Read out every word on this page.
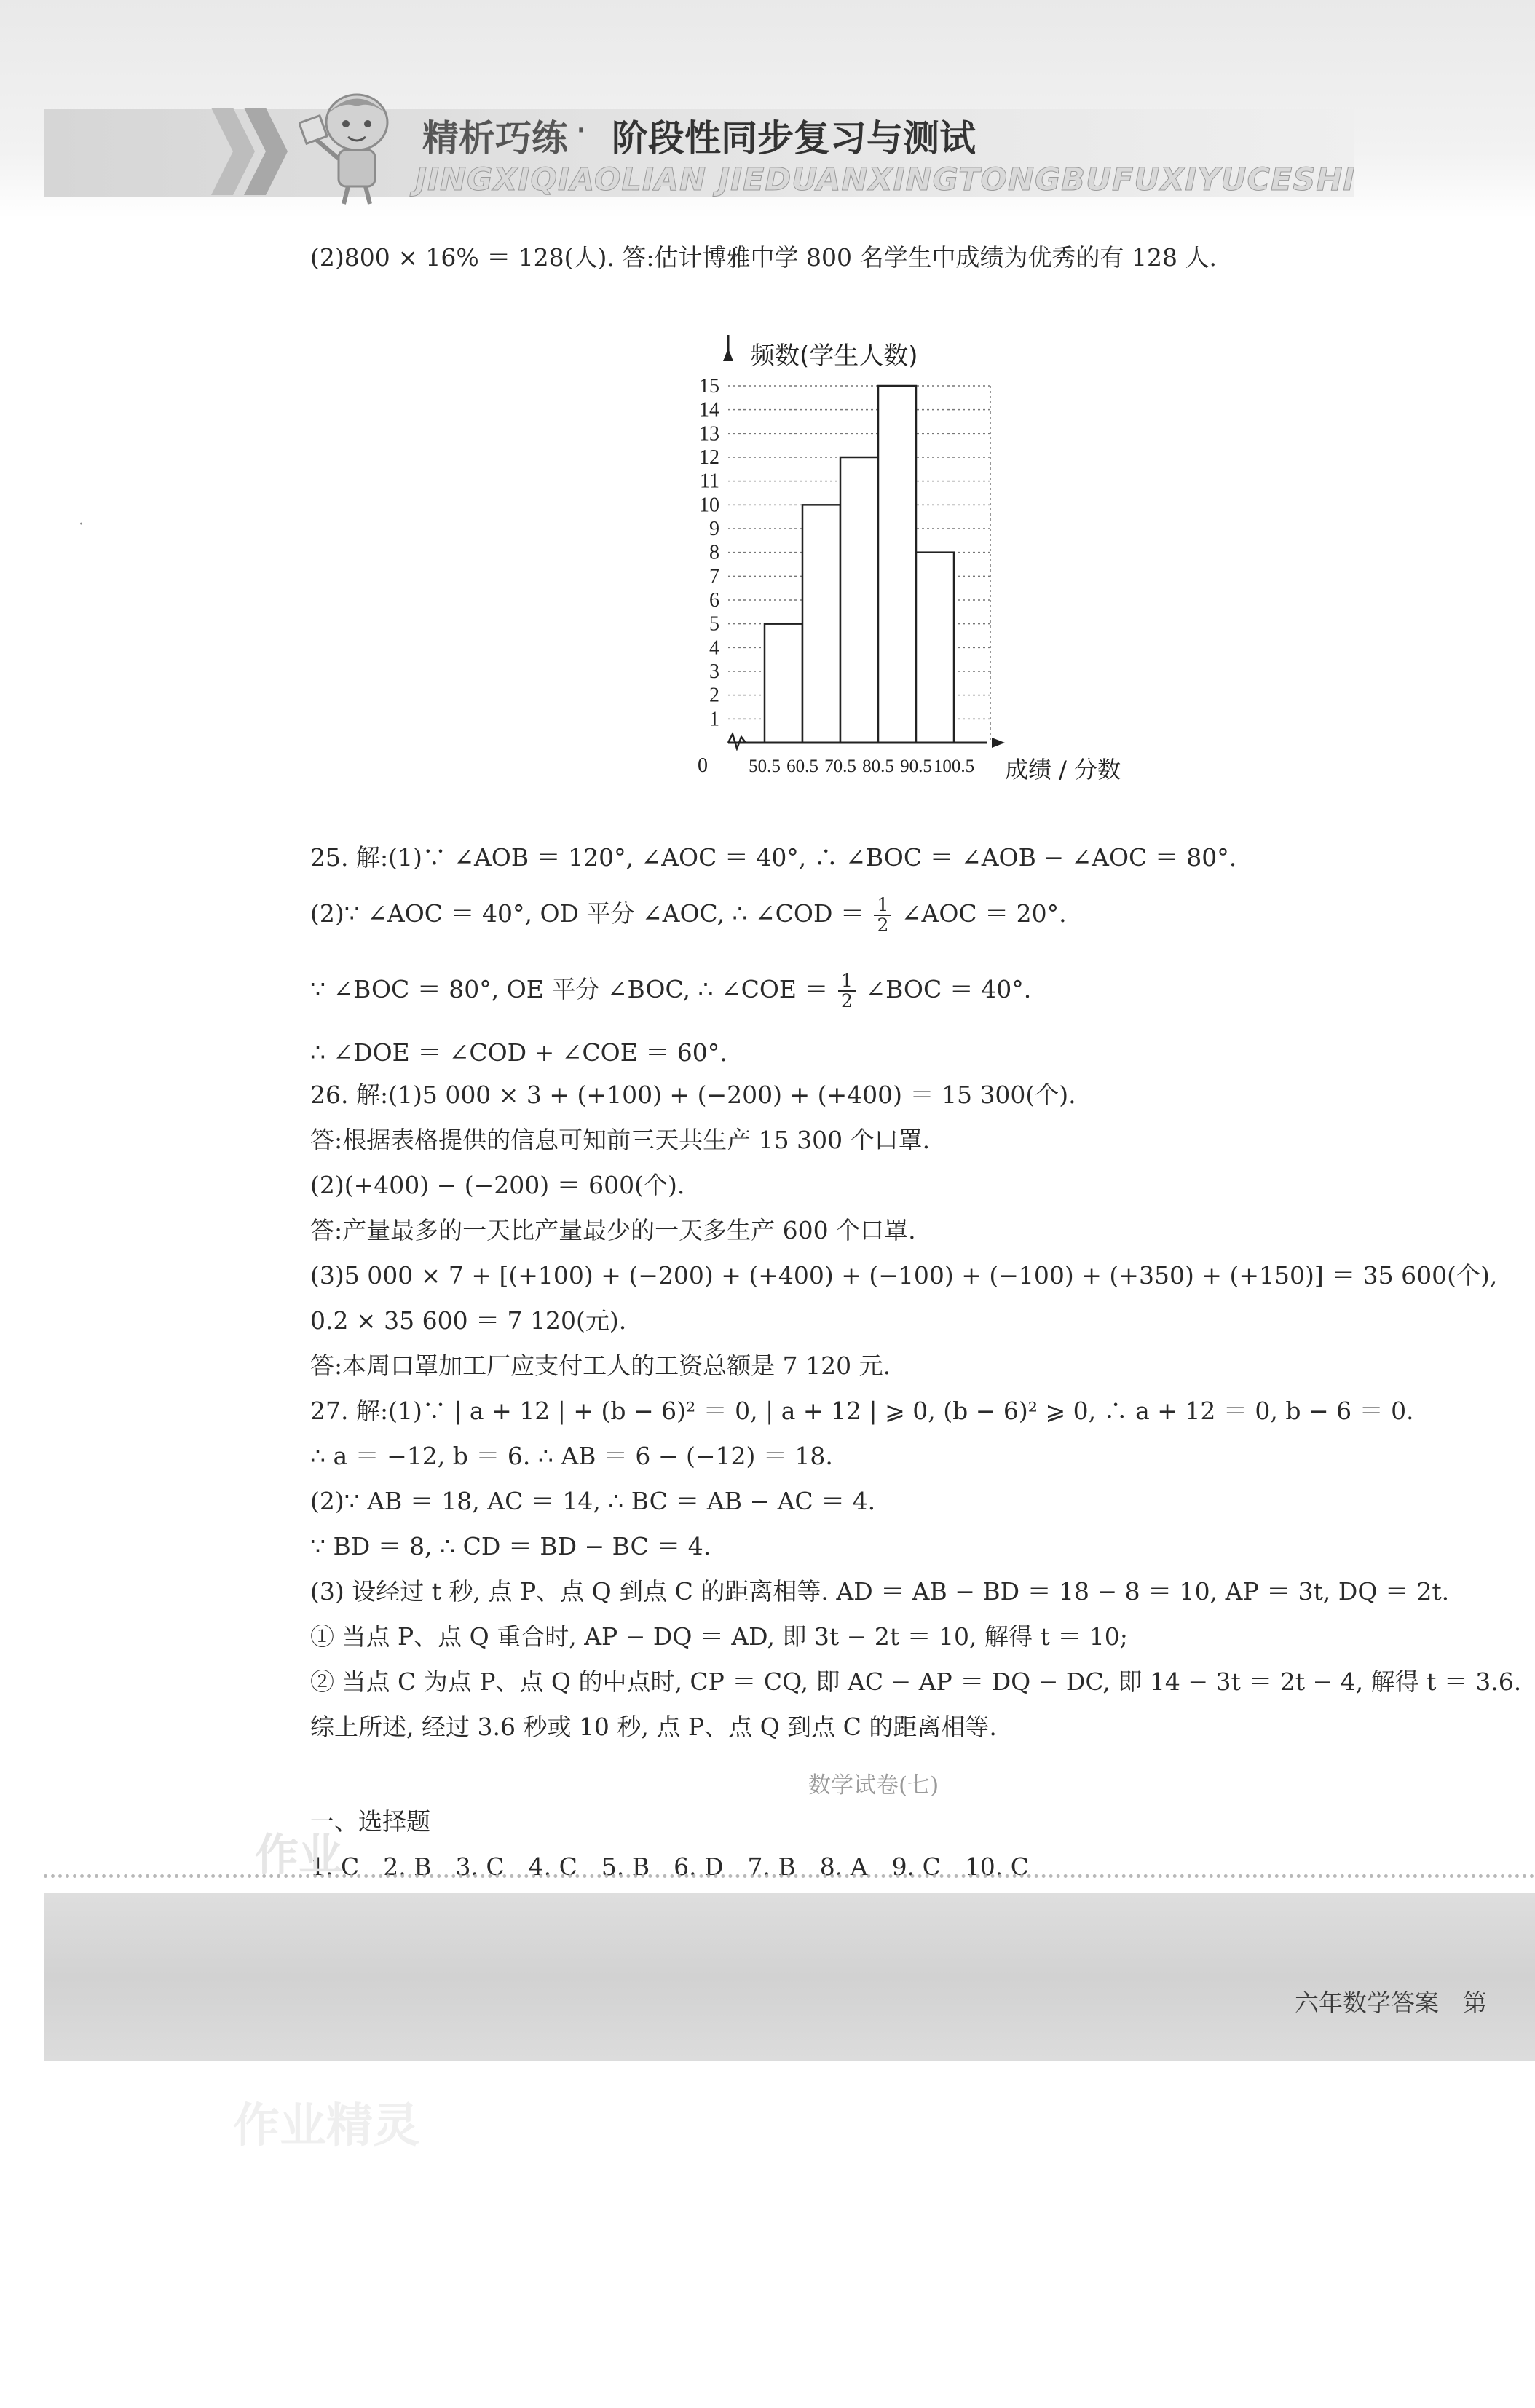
精析巧练 · 阶段性同步复习与测试
JINGXIQIAOLIAN JIEDUANXINGTONGBUFUXIYUCESHI
(2)800 × 16% ＝ 128(人). 答:估计博雅中学 800 名学生中成绩为优秀的有 128 人.
频数(学生人数)
成绩 / 分数
0
1
2
3
4
5
6
7
8
9
10
11
12
13
14
15
50.5 60.5 70.5 80.5 90.5 100.5
25. 解:(1)∵ ∠AOB ＝ 120°, ∠AOC ＝ 40°, ∴ ∠BOC ＝ ∠AOB − ∠AOC ＝ 80°.
(2)∵ ∠AOC ＝ 40°, OD 平分 ∠AOC, ∴ ∠COD ＝ $\frac{1}{2}$ ∠AOC ＝ 20°.
∵ ∠BOC ＝ 80°, OE 平分 ∠BOC, ∴ ∠COE ＝ $\frac{1}{2}$ ∠BOC ＝ 40°.
∴ ∠DOE ＝ ∠COD + ∠COE ＝ 60°.
26. 解:(1)5 000 × 3 + (+100) + (−200) + (+400) ＝ 15 300(个).
答:根据表格提供的信息可知前三天共生产 15 300 个口罩.
(2)(+400) − (−200) ＝ 600(个).
答:产量最多的一天比产量最少的一天多生产 600 个口罩.
(3)5 000 × 7 + [(+100) + (−200) + (+400) + (−100) + (−100) + (+350) + (+150)] ＝ 35 600(个),
0.2 × 35 600 ＝ 7 120(元).
答:本周口罩加工厂应支付工人的工资总额是 7 120 元.
27. 解:(1)∵ | a + 12 | + (b − 6)² ＝ 0, | a + 12 | ⩾ 0, (b − 6)² ⩾ 0, ∴ a + 12 ＝ 0, b − 6 ＝ 0.
∴ a ＝ −12, b ＝ 6. ∴ AB ＝ 6 − (−12) ＝ 18.
(2)∵ AB ＝ 18, AC ＝ 14, ∴ BC ＝ AB − AC ＝ 4.
∵ BD ＝ 8, ∴ CD ＝ BD − BC ＝ 4.
(3) 设经过 t 秒, 点 P、点 Q 到点 C 的距离相等. AD ＝ AB − BD ＝ 18 − 8 ＝ 10, AP ＝ 3t, DQ ＝ 2t.
① 当点 P、点 Q 重合时, AP − DQ ＝ AD, 即 3t − 2t ＝ 10, 解得 t ＝ 10;
② 当点 C 为点 P、点 Q 的中点时, CP ＝ CQ, 即 AC − AP ＝ DQ − DC, 即 14 − 3t ＝ 2t − 4, 解得 t ＝ 3.6.
综上所述, 经过 3.6 秒或 10 秒, 点 P、点 Q 到点 C 的距离相等.
数学试卷(七)
一、选择题
1. C　2. B　3. C　4. C　5. B　6. D　7. B　8. A　9. C　10. C
作业
六年数学答案　第
作业精灵
·
